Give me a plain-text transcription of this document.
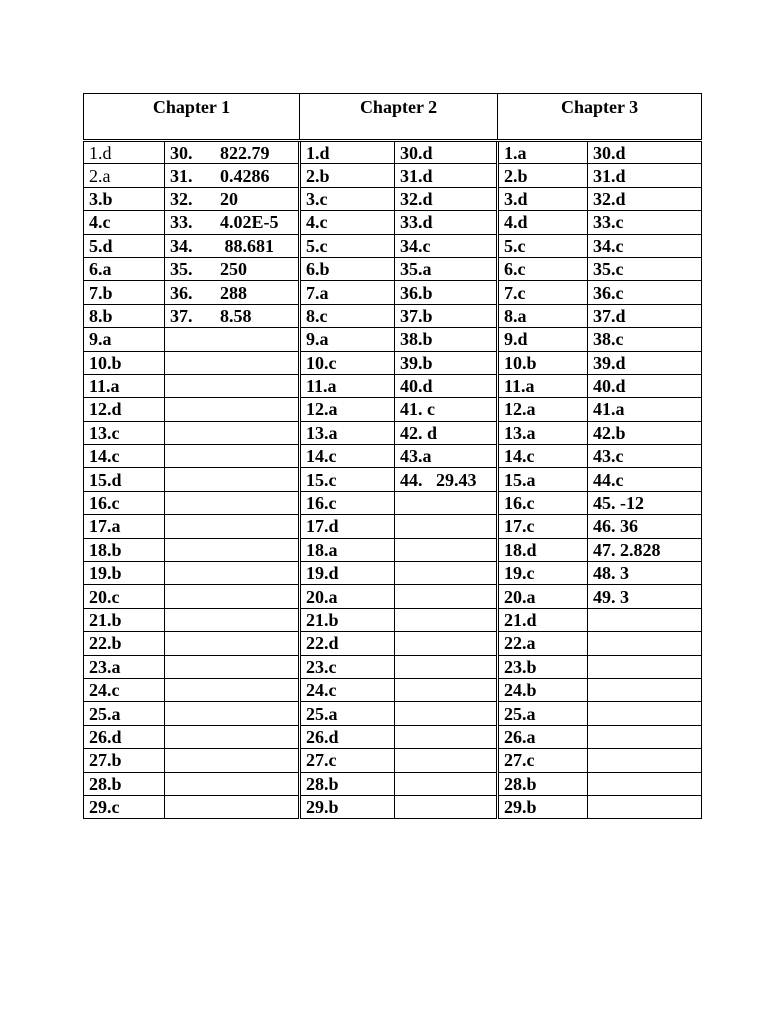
Chapter 1		Chapter 2		Chapter 3	
1.d	30. 822.79	1.d	30.d	1.a	30.d
2.a	31. 0.4286	2.b	31.d	2.b	31.d
3.b	32. 20	3.c	32.d	3.d	32.d
4.c	33. 4.02E-5	4.c	33.d	4.d	33.c
5.d	34. 88.681	5.c	34.c	5.c	34.c
6.a	35. 250	6.b	35.a	6.c	35.c
7.b	36. 288	7.a	36.b	7.c	36.c
8.b	37. 8.58	8.c	37.b	8.a	37.d
9.a		9.a	38.b	9.d	38.c
10.b		10.c	39.b	10.b	39.d
11.a		11.a	40.d	11.a	40.d
12.d		12.a	41. c	12.a	41.a
13.c		13.a	42. d	13.a	42.b
14.c		14.c	43.a	14.c	43.c
15.d		15.c	44.   29.43	15.a	44.c
16.c		16.c		16.c	45. -12
17.a		17.d		17.c	46. 36
18.b		18.a		18.d	47. 2.828
19.b		19.d		19.c	48. 3
20.c		20.a		20.a	49. 3
21.b		21.b		21.d	
22.b		22.d		22.a	
23.a		23.c		23.b	
24.c		24.c		24.b	
25.a		25.a		25.a	
26.d		26.d		26.a	
27.b		27.c		27.c	
28.b		28.b		28.b	
29.c		29.b		29.b	
